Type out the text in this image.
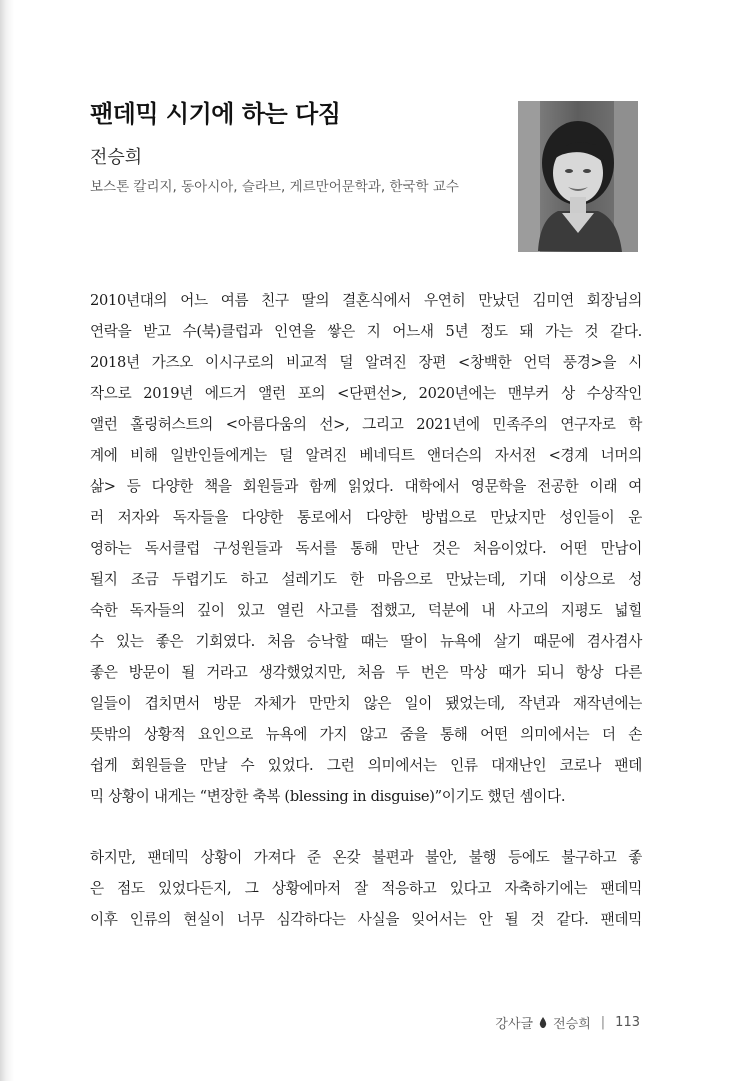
팬데믹 시기에 하는 다짐
전승희
보스톤 칼리지, 동아시아, 슬라브, 게르만어문학과, 한국학 교수
2010년대의 어느 여름 친구 딸의 결혼식에서 우연히 만났던 김미연 회장님의
연락을 받고 수(북)클럽과 인연을 쌓은 지 어느새 5년 정도 돼 가는 것 같다.
2018년 가즈오 이시구로의 비교적 덜 알려진 장편 <창백한 언덕 풍경>을 시
작으로 2019년 에드거 앨런 포의 <단편선>, 2020년에는 맨부커 상 수상작인
앨런 홀링허스트의 <아름다움의 선>, 그리고 2021년에 민족주의 연구자로 학
계에 비해 일반인들에게는 덜 알려진 베네딕트 앤더슨의 자서전 <경계 너머의
삶> 등 다양한 책을 회원들과 함께 읽었다. 대학에서 영문학을 전공한 이래 여
러 저자와 독자들을 다양한 통로에서 다양한 방법으로 만났지만 성인들이 운
영하는 독서클럽 구성원들과 독서를 통해 만난 것은 처음이었다. 어떤 만남이
될지 조금 두렵기도 하고 설레기도 한 마음으로 만났는데, 기대 이상으로 성
숙한 독자들의 깊이 있고 열린 사고를 접했고, 덕분에 내 사고의 지평도 넓힐
수 있는 좋은 기회였다. 처음 승낙할 때는 딸이 뉴욕에 살기 때문에 겸사겸사
좋은 방문이 될 거라고 생각했었지만, 처음 두 번은 막상 때가 되니 항상 다른
일들이 겹치면서 방문 자체가 만만치 않은 일이 됐었는데, 작년과 재작년에는
뜻밖의 상황적 요인으로 뉴욕에 가지 않고 줌을 통해 어떤 의미에서는 더 손
쉽게 회원들을 만날 수 있었다. 그런 의미에서는 인류 대재난인 코로나 팬데
믹 상황이 내게는 “변장한 축복 (blessing in disguise)”이기도 했던 셈이다.
하지만, 팬데믹 상황이 가져다 준 온갖 불편과 불안, 불행 등에도 불구하고 좋
은 점도 있었다든지, 그 상황에마저 잘 적응하고 있다고 자축하기에는 팬데믹
이후 인류의 현실이 너무 심각하다는 사실을 잊어서는 안 될 것 같다. 팬데믹
강사글 전승희 | 113
